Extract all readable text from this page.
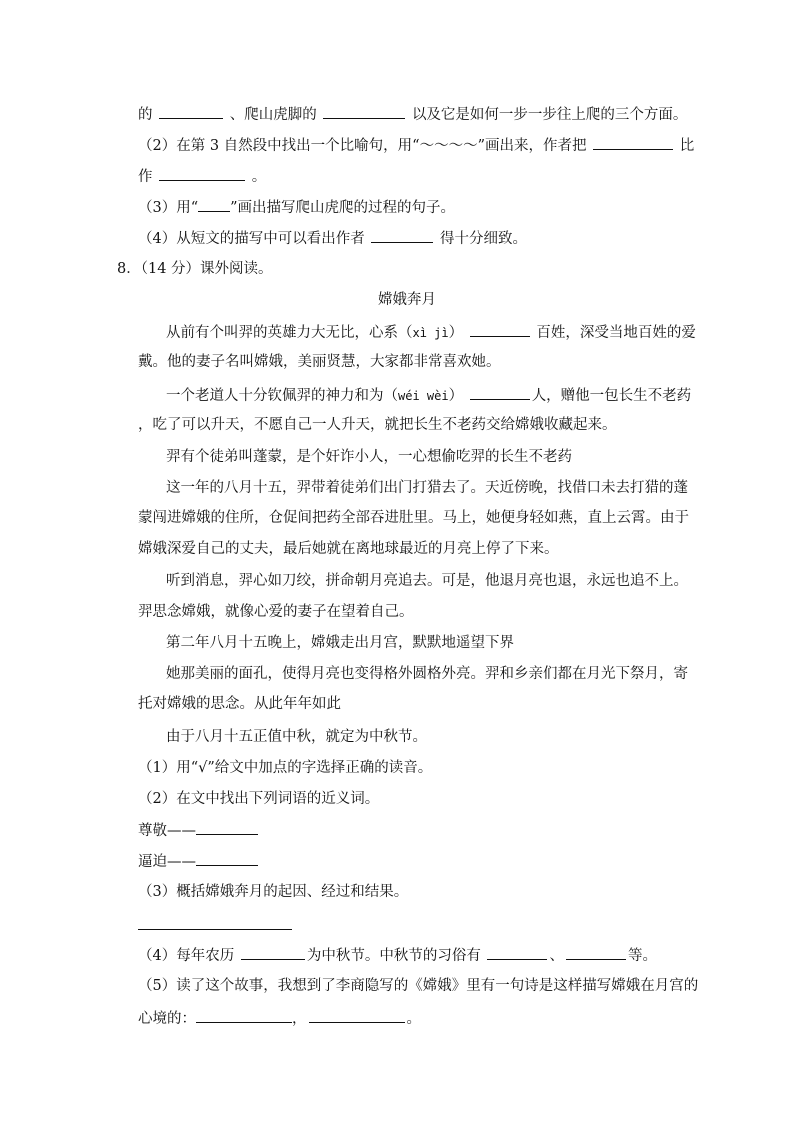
的	、爬山虎脚的	以及它是如何一步一步往上爬的三个方面。
（2）在第 3 自然段中找出一个比喻句，用“～～～～”画出来，作者把	比
作	。
（3）用“ ”画出描写爬山虎爬的过程的句子。
（4）从短文的描写中可以看出作者	得十分细致。
8．（14 分）课外阅读。
嫦娥奔月
从前有个叫羿的英雄力大无比，心系（xì jì）	百姓，深受当地百姓的爱
戴。他的妻子名叫嫦娥，美丽贤慧，大家都非常喜欢她。
一个老道人十分钦佩羿的神力和为（wéi wèi）	人，赠他一包长生不老药
，吃了可以升天，不愿自己一人升天，就把长生不老药交给嫦娥收藏起来。
羿有个徒弟叫蓬蒙，是个奸诈小人，一心想偷吃羿的长生不老药
这一年的八月十五，羿带着徒弟们出门打猎去了。天近傍晚，找借口未去打猎的蓬
蒙闯进嫦娥的住所，仓促间把药全部吞进肚里。马上，她便身轻如燕，直上云霄。由于
嫦娥深爱自己的丈夫，最后她就在离地球最近的月亮上停了下来。
听到消息，羿心如刀绞，拼命朝月亮追去。可是，他退月亮也退，永远也追不上。
羿思念嫦娥，就像心爱的妻子在望着自己。
第二年八月十五晚上，嫦娥走出月宫，默默地遥望下界
她那美丽的面孔，使得月亮也变得格外圆格外亮。羿和乡亲们都在月光下祭月，寄
托对嫦娥的思念。从此年年如此
由于八月十五正值中秋，就定为中秋节。
（1）用“√”给文中加点的字选择正确的读音。
（2）在文中找出下列词语的近义词。
尊敬——
逼迫——
（3）概括嫦娥奔月的起因、经过和结果。
（4）每年农历	为中秋节。中秋节的习俗有	、	等。
（5）读了这个故事，我想到了李商隐写的《嫦娥》里有一句诗是这样描写嫦娥在月宫的
心境的：	，	。
